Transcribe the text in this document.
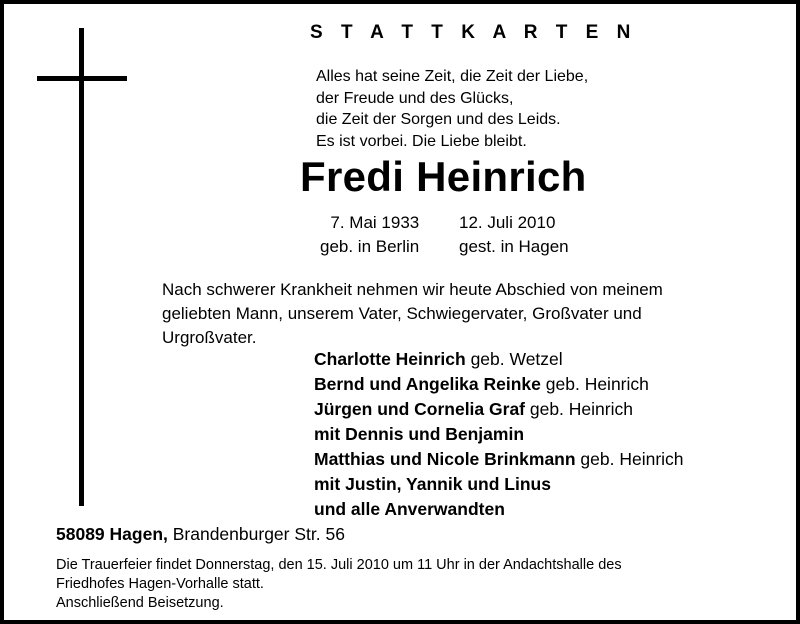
S T A T T K A R T E N
Alles hat seine Zeit, die Zeit der Liebe,
der Freude und des Glücks,
die Zeit der Sorgen und des Leids.
Es ist vorbei. Die Liebe bleibt.
Fredi Heinrich
7. Mai 1933
geb. in Berlin
12. Juli 2010
gest. in Hagen
Nach schwerer Krankheit nehmen wir heute Abschied von meinem
geliebten Mann, unserem Vater, Schwiegervater, Großvater und
Urgroßvater.
Charlotte Heinrich geb. Wetzel
Bernd und Angelika Reinke geb. Heinrich
Jürgen und Cornelia Graf geb. Heinrich
mit Dennis und Benjamin
Matthias und Nicole Brinkmann geb. Heinrich
mit Justin, Yannik und Linus
und alle Anverwandten
58089 Hagen, Brandenburger Str. 56
Die Trauerfeier findet Donnerstag, den 15. Juli 2010 um 11 Uhr in der Andachtshalle des
Friedhofes Hagen-Vorhalle statt.
Anschließend Beisetzung.
